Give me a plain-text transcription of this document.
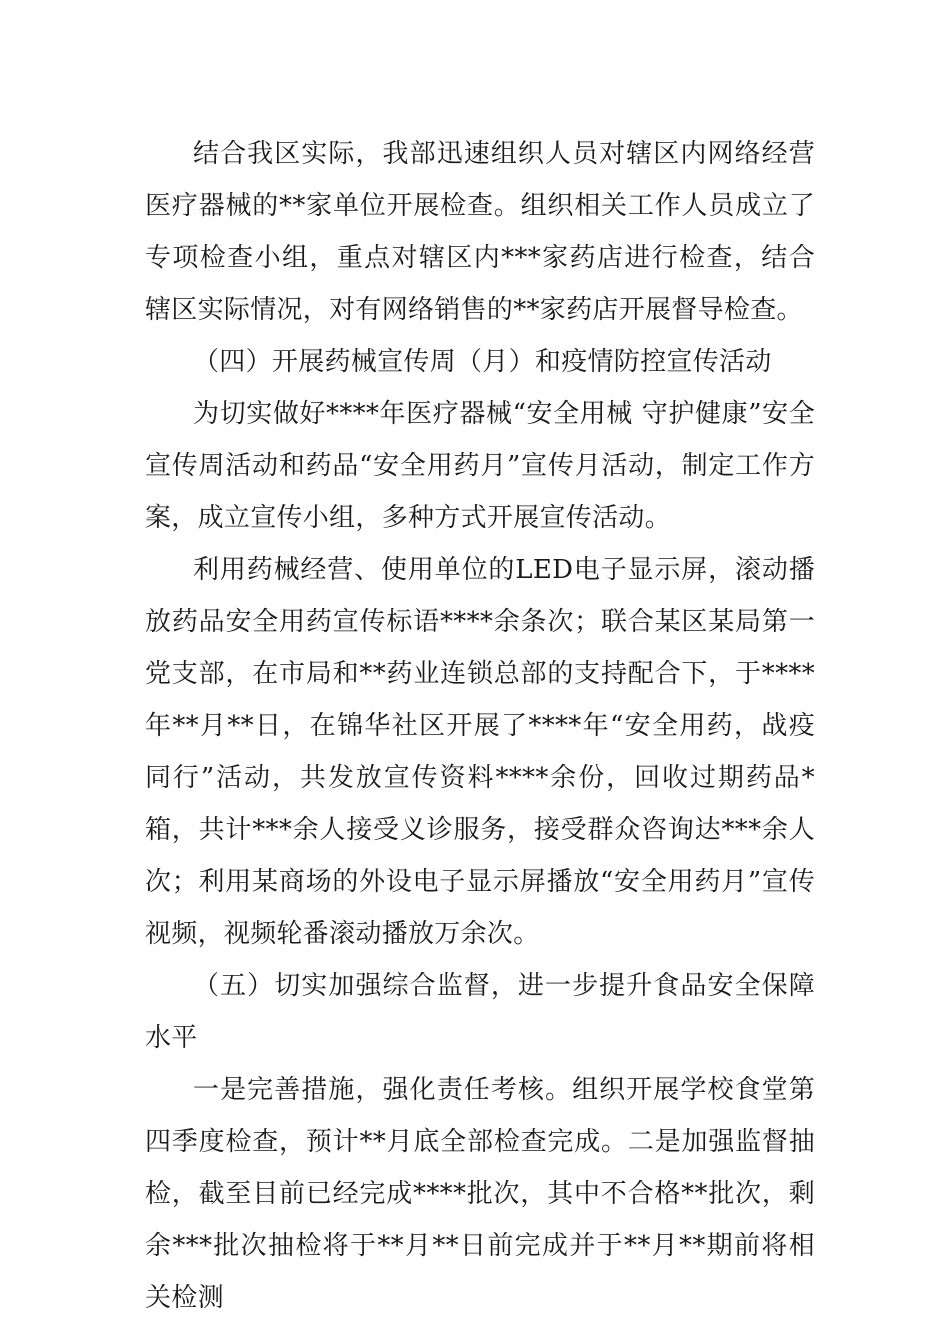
结合我区实际，我部迅速组织人员对辖区内网络经营医疗器械的**家单位开展检查。组织相关工作人员成立了专项检查小组，重点对辖区内***家药店进行检查，结合辖区实际情况，对有网络销售的**家药店开展督导检查。

（四）开展药械宣传周（月）和疫情防控宣传活动

为切实做好****年医疗器械“安全用械 守护健康”安全宣传周活动和药品“安全用药月”宣传月活动，制定工作方案，成立宣传小组，多种方式开展宣传活动。

利用药械经营、使用单位的LED电子显示屏，滚动播放药品安全用药宣传标语****余条次；联合某区某局第一党支部，在市局和**药业连锁总部的支持配合下，于****年**月**日，在锦华社区开展了****年“安全用药，战疫同行”活动，共发放宣传资料****余份，回收过期药品*箱，共计***余人接受义诊服务，接受群众咨询达***余人次；利用某商场的外设电子显示屏播放“安全用药月”宣传视频，视频轮番滚动播放万余次。

（五）切实加强综合监督，进一步提升食品安全保障水平

一是完善措施，强化责任考核。组织开展学校食堂第四季度检查，预计**月底全部检查完成。二是加强监督抽检，截至目前已经完成****批次，其中不合格**批次，剩余***批次抽检将于**月**日前完成并于**月**期前将相关检测
